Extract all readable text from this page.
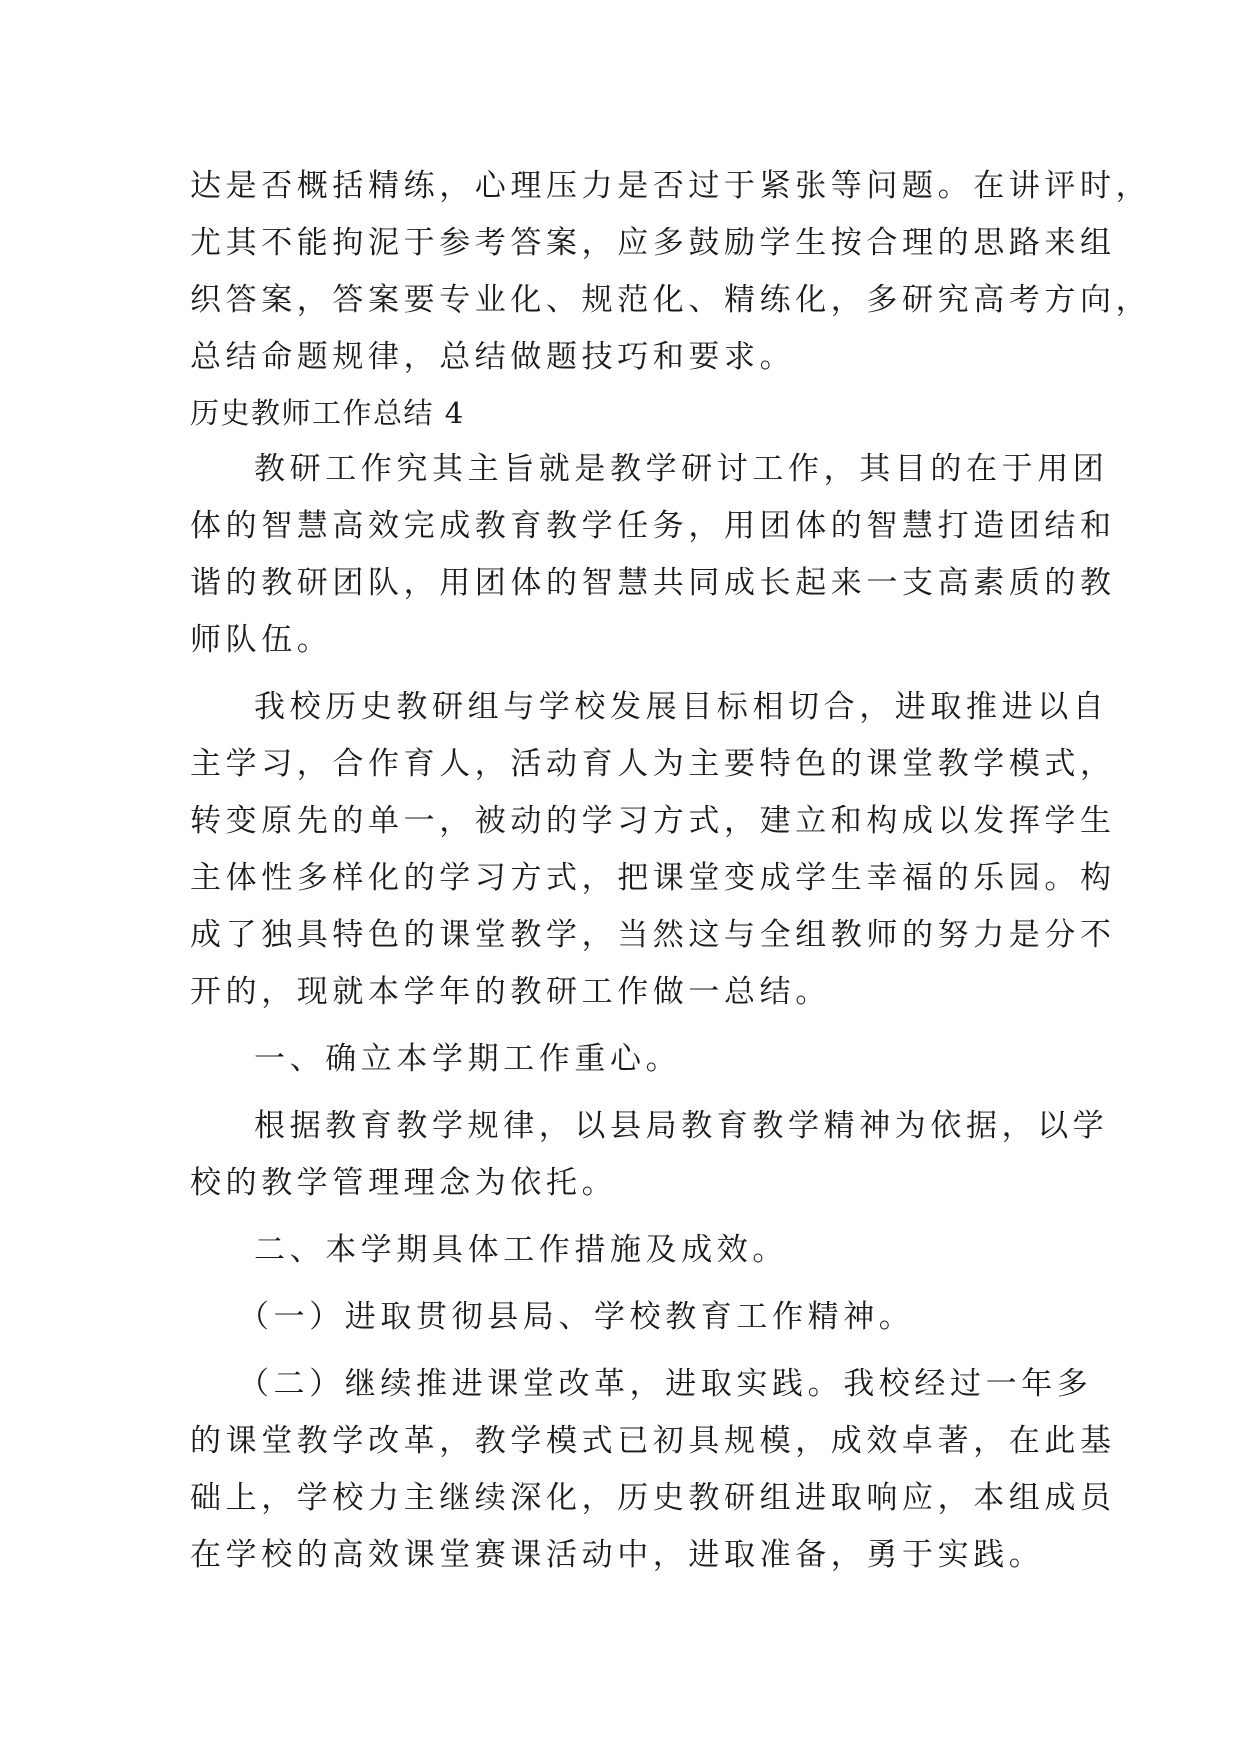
达是否概括精练，心理压力是否过于紧张等问题。在讲评时，
尤其不能拘泥于参考答案，应多鼓励学生按合理的思路来组
织答案，答案要专业化、规范化、精练化，多研究高考方向，
总结命题规律，总结做题技巧和要求。
历史教师工作总结 4
教研工作究其主旨就是教学研讨工作，其目的在于用团
体的智慧高效完成教育教学任务，用团体的智慧打造团结和
谐的教研团队，用团体的智慧共同成长起来一支高素质的教
师队伍。
我校历史教研组与学校发展目标相切合，进取推进以自
主学习，合作育人，活动育人为主要特色的课堂教学模式，
转变原先的单一，被动的学习方式，建立和构成以发挥学生
主体性多样化的学习方式，把课堂变成学生幸福的乐园。构
成了独具特色的课堂教学，当然这与全组教师的努力是分不
开的，现就本学年的教研工作做一总结。
一、确立本学期工作重心。
根据教育教学规律，以县局教育教学精神为依据，以学
校的教学管理理念为依托。
二、本学期具体工作措施及成效。
（一）进取贯彻县局、学校教育工作精神。
（二）继续推进课堂改革，进取实践。我校经过一年多
的课堂教学改革，教学模式已初具规模，成效卓著，在此基
础上，学校力主继续深化，历史教研组进取响应，本组成员
在学校的高效课堂赛课活动中，进取准备，勇于实践。
